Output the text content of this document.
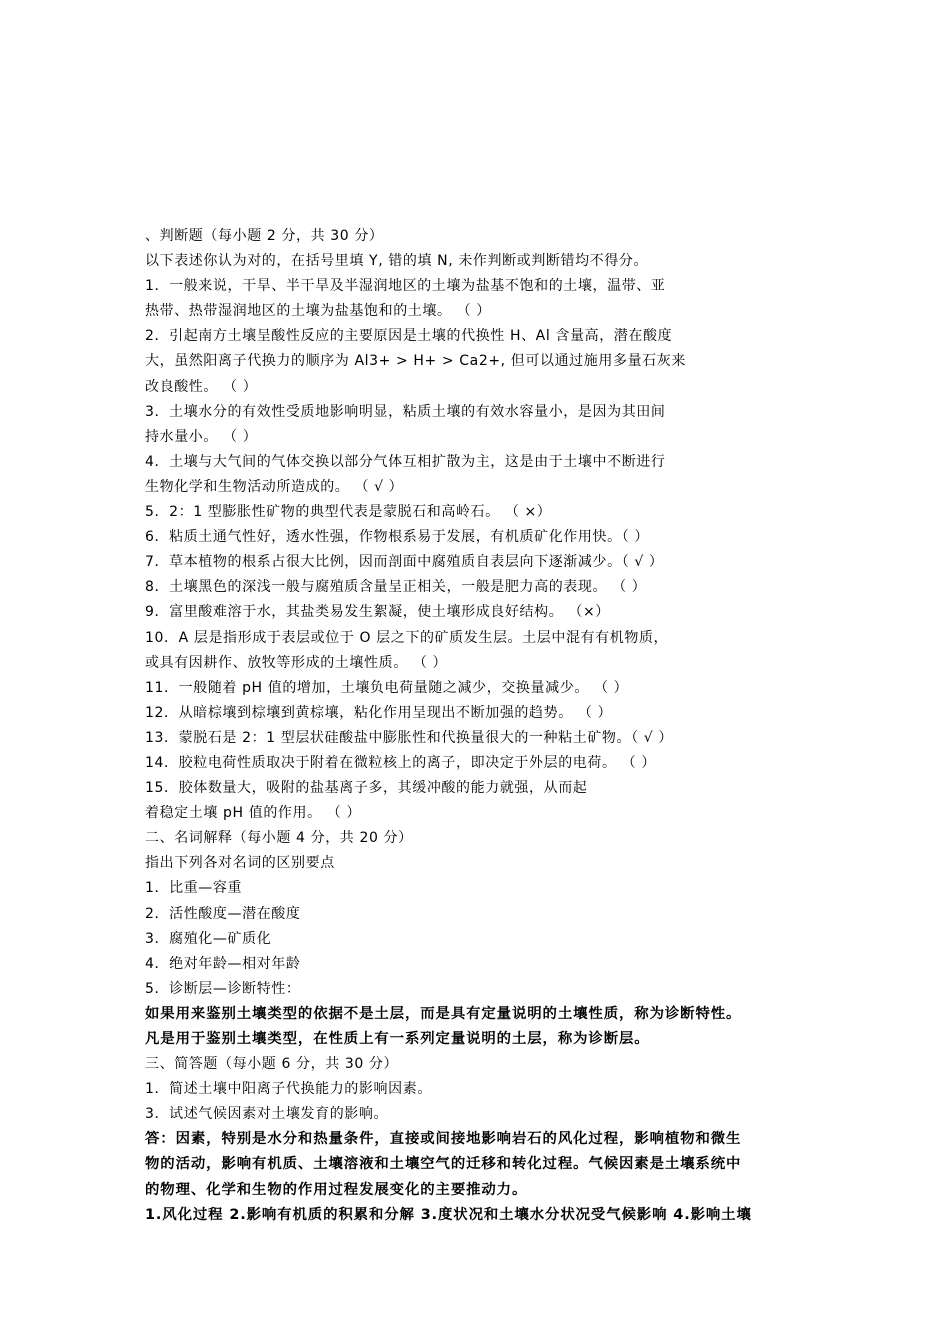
、判断题（每小题 2 分，共 30 分）
以下表述你认为对的，在括号里填 Y, 错的填 N, 未作判断或判断错均不得分。
1．一般来说，干旱、半干旱及半湿润地区的土壤为盐基不饱和的土壤，温带、亚
热带、热带湿润地区的土壤为盐基饱和的土壤。 （ ）
2．引起南方土壤呈酸性反应的主要原因是土壤的代换性 H、Al 含量高，潜在酸度
大，虽然阳离子代换力的顺序为 Al3+ > H+ > Ca2+, 但可以通过施用多量石灰来
改良酸性。 （ ）
3．土壤水分的有效性受质地影响明显，粘质土壤的有效水容量小，是因为其田间
持水量小。 （ ）
4．土壤与大气间的气体交换以部分气体互相扩散为主，这是由于土壤中不断进行
生物化学和生物活动所造成的。 （ √ ）
5．2：1 型膨胀性矿物的典型代表是蒙脱石和高岭石。 （ ×）
6．粘质土通气性好，透水性强，作物根系易于发展，有机质矿化作用快。（ ）
7．草本植物的根系占很大比例，因而剖面中腐殖质自表层向下逐渐减少。（ √ ）
8．土壤黑色的深浅一般与腐殖质含量呈正相关，一般是肥力高的表现。 （ ）
9．富里酸难溶于水，其盐类易发生絮凝，使土壤形成良好结构。 （×）
10．A 层是指形成于表层或位于 O 层之下的矿质发生层。土层中混有有机物质，
或具有因耕作、放牧等形成的土壤性质。 （ ）
11．一般随着 pH 值的增加，土壤负电荷量随之减少，交换量减少。 （ ）
12．从暗棕壤到棕壤到黄棕壤，粘化作用呈现出不断加强的趋势。 （ ）
13．蒙脱石是 2：1 型层状硅酸盐中膨胀性和代换量很大的一种粘土矿物。（ √ ）
14．胶粒电荷性质取决于附着在微粒核上的离子，即决定于外层的电荷。 （ ）
15．胶体数量大，吸附的盐基离子多，其缓冲酸的能力就强，从而起
着稳定土壤 pH 值的作用。 （ ）
二、名词解释（每小题 4 分，共 20 分）
指出下列各对名词的区别要点
1．比重—容重
2．活性酸度—潜在酸度
3．腐殖化—矿质化
4．绝对年龄—相对年龄
5．诊断层—诊断特性：
如果用来鉴别土壤类型的依据不是土层，而是具有定量说明的土壤性质，称为诊断特性。
凡是用于鉴别土壤类型，在性质上有一系列定量说明的土层，称为诊断层。
三、简答题（每小题 6 分，共 30 分）
1．简述土壤中阳离子代换能力的影响因素。
3．试述气候因素对土壤发育的影响。
答：因素，特别是水分和热量条件，直接或间接地影响岩石的风化过程，影响植物和微生
物的活动，影响有机质、土壤溶液和土壤空气的迁移和转化过程。气候因素是土壤系统中
的物理、化学和生物的作用过程发展变化的主要推动力。
1.风化过程 2.影响有机质的积累和分解 3.度状况和土壤水分状况受气候影响 4.影响土壤
